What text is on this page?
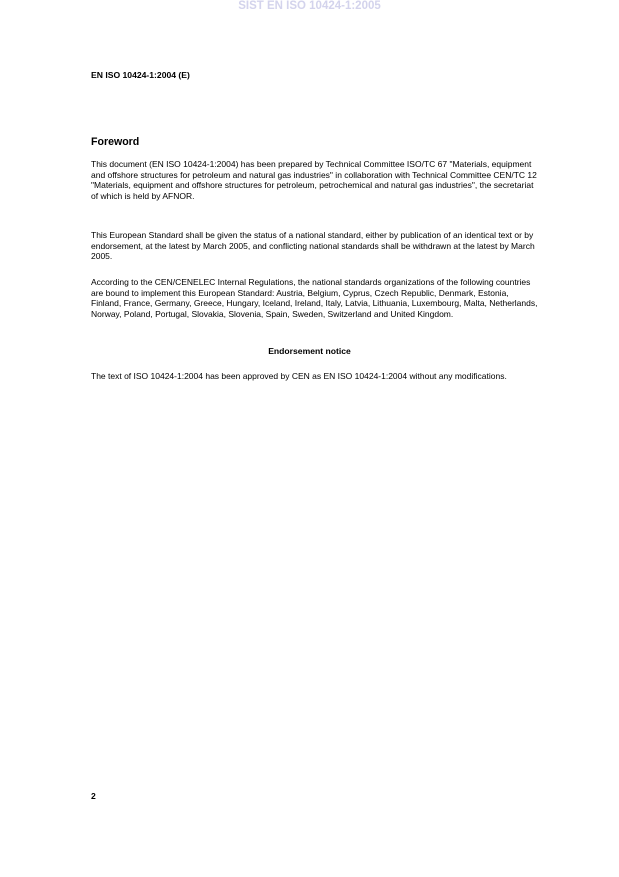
SIST EN ISO 10424-1:2005
EN ISO 10424-1:2004 (E)
Foreword

This document (EN ISO 10424-1:2004) has been prepared by Technical Committee ISO/TC 67 "Materials, equipment and offshore structures for petroleum and natural gas industries" in collaboration with Technical Committee CEN/TC 12 "Materials, equipment and offshore structures for petroleum, petrochemical and natural gas industries", the secretariat of which is held by AFNOR.

This European Standard shall be given the status of a national standard, either by publication of an identical text or by endorsement, at the latest by March 2005, and conflicting national standards shall be withdrawn at the latest by March 2005.

According to the CEN/CENELEC Internal Regulations, the national standards organizations of the following countries are bound to implement this European Standard: Austria, Belgium, Cyprus, Czech Republic, Denmark, Estonia, Finland, France, Germany, Greece, Hungary, Iceland, Ireland, Italy, Latvia, Lithuania, Luxembourg, Malta, Netherlands, Norway, Poland, Portugal, Slovakia, Slovenia, Spain, Sweden, Switzerland and United Kingdom.

Endorsement notice

The text of ISO 10424-1:2004 has been approved by CEN as EN ISO 10424-1:2004 without any modifications.

2
